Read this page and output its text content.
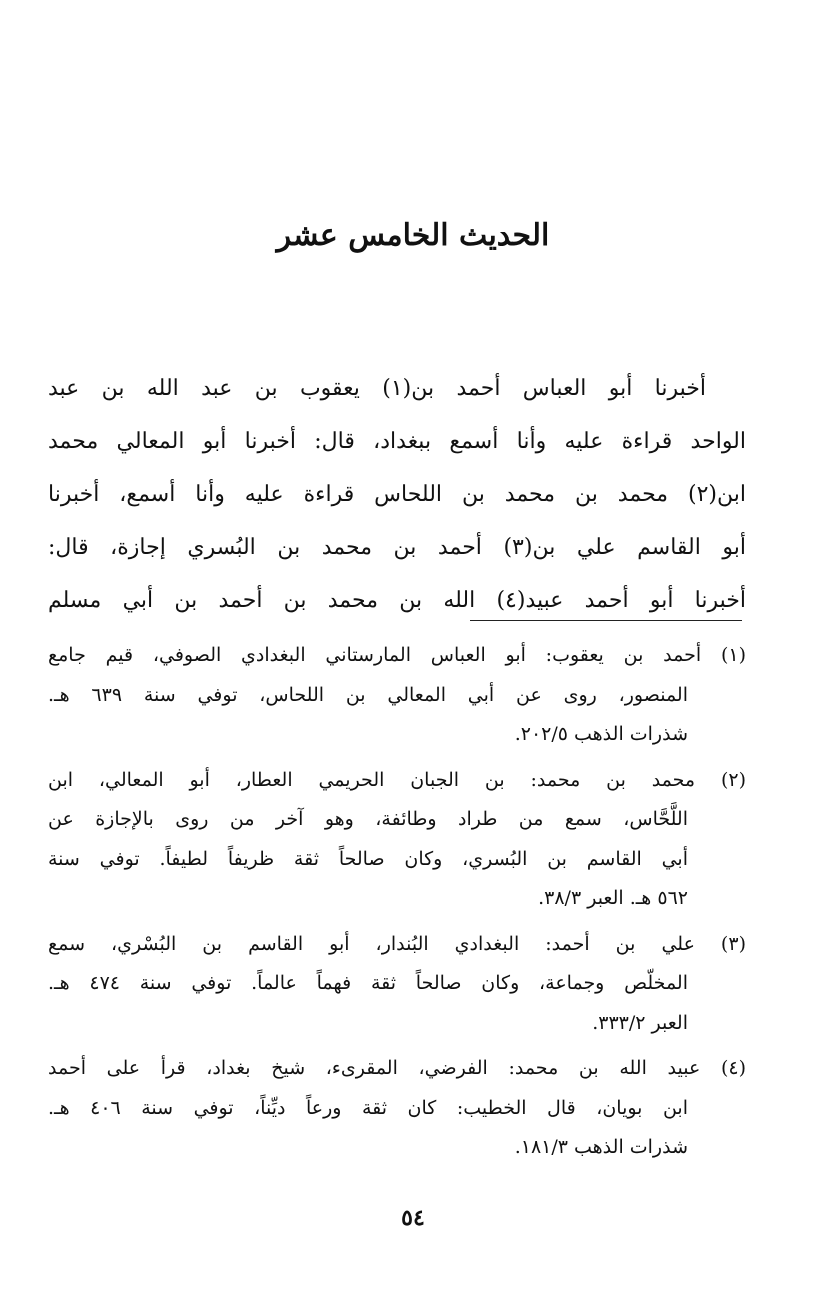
الحديث الخامس عشر
أخبرنا أبو العباس أحمد بن(١) يعقوب بن عبد الله بن عبد
الواحد قراءة عليه وأنا أسمع ببغداد، قال: أخبرنا أبو المعالي محمد
ابن(٢) محمد بن محمد بن اللحاس قراءة عليه وأنا أسمع، أخبرنا
أبو القاسم علي بن(٣) أحمد بن محمد بن البُسري إجازة، قال:
أخبرنا أبو أحمد عبيد(٤) الله بن محمد بن أحمد بن أبي مسلم
(١) أحمد بن يعقوب: أبو العباس المارستاني البغدادي الصوفي، قيم جامع
المنصور، روى عن أبي المعالي بن اللحاس، توفي سنة ٦٣٩ هـ.
شذرات الذهب ٢٠٢/٥.
(٢) محمد بن محمد: بن الجبان الحريمي العطار، أبو المعالي، ابن
اللَّحَّاس، سمع من طراد وطائفة، وهو آخر من روى بالإجازة عن
أبي القاسم بن البُسري، وكان صالحاً ثقة ظريفاً لطيفاً. توفي سنة
٥٦٢ هـ. العبر ٣٨/٣.
(٣) علي بن أحمد: البغدادي البُندار، أبو القاسم بن البُسْري، سمع
المخلّص وجماعة، وكان صالحاً ثقة فهماً عالماً. توفي سنة ٤٧٤ هـ.
العبر ٣٣٣/٢.
(٤) عبيد الله بن محمد: الفرضي، المقرىء، شيخ بغداد، قرأ على أحمد
ابن بويان، قال الخطيب: كان ثقة ورعاً ديِّناً، توفي سنة ٤٠٦ هـ.
شذرات الذهب ١٨١/٣.
٥٤
